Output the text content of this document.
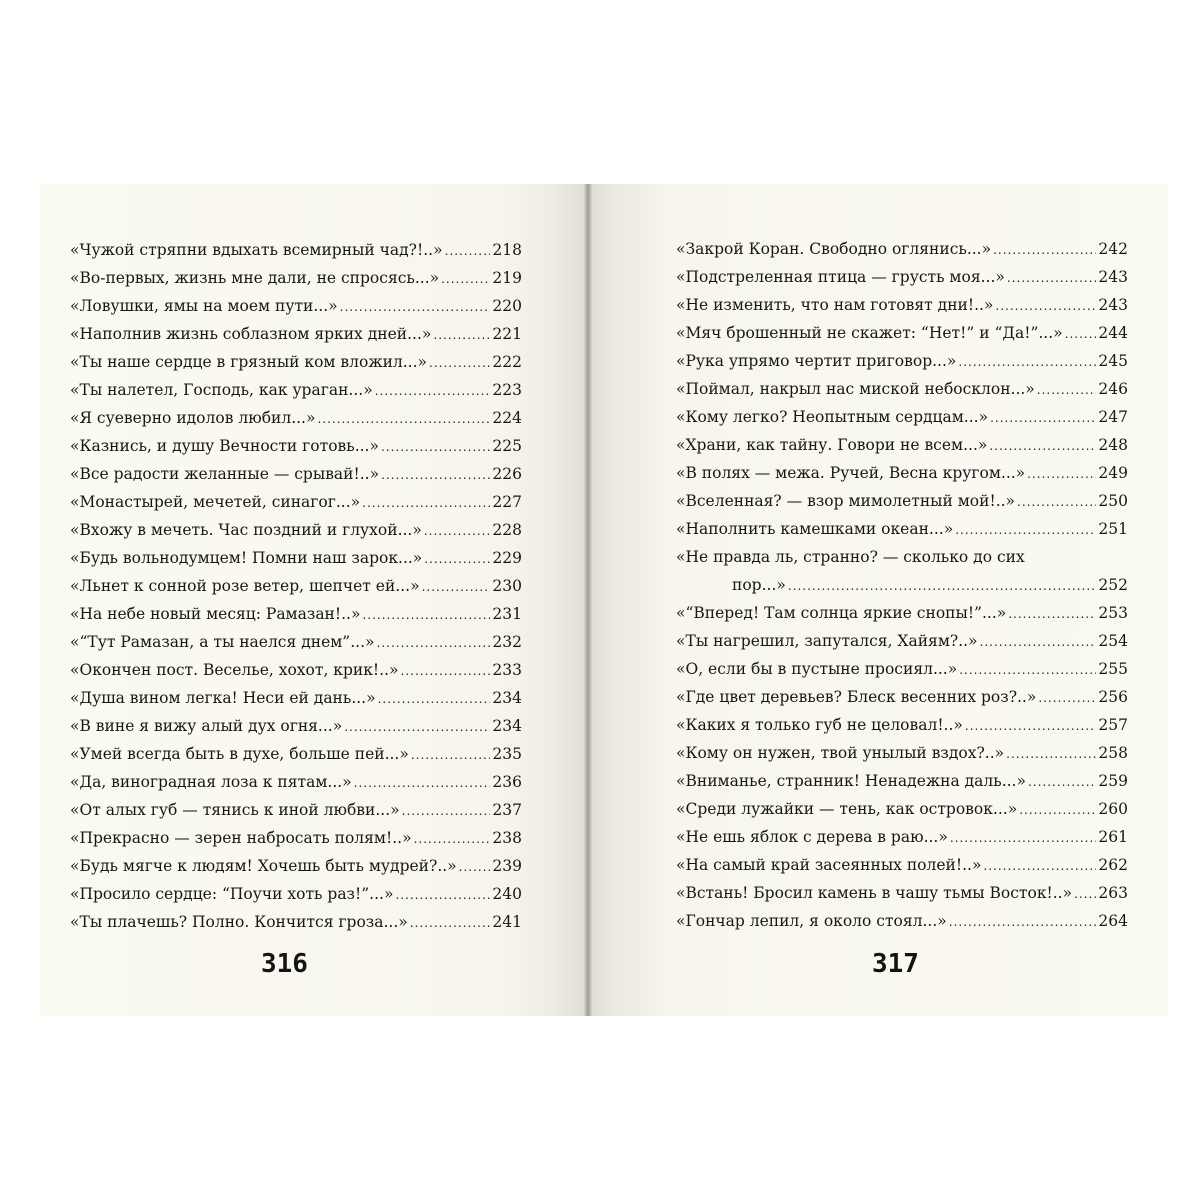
«Чужой стряпни вдыхать всемирный чад?!..» .....	218
«Во-первых, жизнь мне дали, не спросясь...» .....	219
«Ловушки, ямы на моем пути...» .....	220
«Наполнив жизнь соблазном ярких дней...» .....	221
«Ты наше сердце в грязный ком вложил...» .....	222
«Ты налетел, Господь, как ураган...» .....	223
«Я суеверно идолов любил...» .....	224
«Казнись, и душу Вечности готовь...» .....	225
«Все радости желанные — срывай!..» .....	226
«Монастырей, мечетей, синагог...» .....	227
«Вхожу в мечеть. Час поздний и глухой...» .....	228
«Будь вольнодумцем! Помни наш зарок...» .....	229
«Льнет к сонной розе ветер, шепчет ей...» .....	230
«На небе новый месяц: Рамазан!..» .....	231
«“Тут Рамазан, а ты наелся днем”...» .....	232
«Окончен пост. Веселье, хохот, крик!..» .....	233
«Душа вином легка! Неси ей дань...» .....	234
«В вине я вижу алый дух огня...» .....	234
«Умей всегда быть в духе, больше пей...» .....	235
«Да, виноградная лоза к пятам...» .....	236
«От алых губ — тянись к иной любви...» .....	237
«Прекрасно — зерен набросать полям!..» .....	238
«Будь мягче к людям! Хочешь быть мудрей?..» ..... 239
«Просило сердце: “Поучи хоть раз!”...» .....	240
«Ты плачешь? Полно. Кончится гроза...» .....	241
316
«Закрой Коран. Свободно оглянись...» .....	242
«Подстреленная птица — грусть моя...» .....	243
«Не изменить, что нам готовят дни!..» .....	243
«Мяч брошенный не скажет: “Нет!” и “Да!”...» ..... 244
«Рука упрямо чертит приговор...» .....	245
«Поймал, накрыл нас миской небосклон...» .....	246
«Кому легко? Неопытным сердцам...» .....	247
«Храни, как тайну. Говори не всем...» .....	248
«В полях — межа. Ручей, Весна кругом...» .....	249
«Вселенная? — взор мимолетный мой!..» .....	250
«Наполнить камешками океан...» .....	251
«Не правда ль, странно? — сколько до сих
пор...» .....	252
«“Вперед! Там солнца яркие снопы!”...» .....	253
«Ты нагрешил, запутался, Хайям?..» .....	254
«О, если бы в пустыне просиял...» .....	255
«Где цвет деревьев? Блеск весенних роз?..» .....	256
«Каких я только губ не целовал!..» .....	257
«Кому он нужен, твой унылый вздох?..» .....	258
«Вниманье, странник! Ненадежна даль...» .....	259
«Среди лужайки — тень, как островок...» .....	260
«Не ешь яблок с дерева в раю...» .....	261
«На самый край засеянных полей!..» .....	262
«Встань! Бросил камень в чашу тьмы Восток!..» ..... 263
«Гончар лепил, я около стоял...» .....	264
317
